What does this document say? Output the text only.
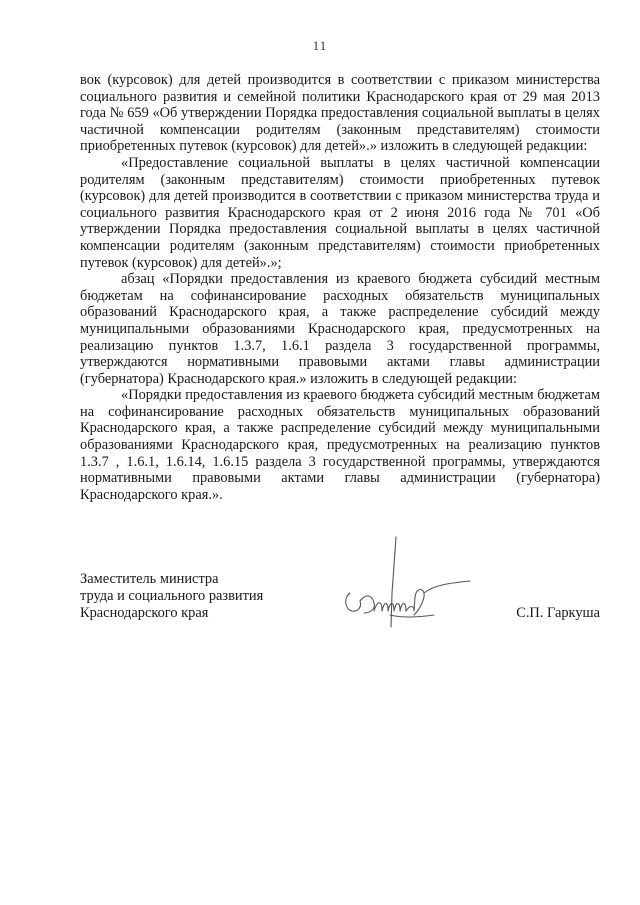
11

вок (курсовок) для детей производится в соответствии с приказом министерства социального развития и семейной политики Краснодарского края от 29 мая 2013 года № 659 «Об утверждении Порядка предоставления социальной выплаты в целях частичной компенсации родителям (законным представителям) стоимости приобретенных путевок (курсовок) для детей».» изложить в следующей редакции:

«Предоставление социальной выплаты в целях частичной компенсации родителям (законным представителям) стоимости приобретенных путевок (курсовок) для детей производится в соответствии с приказом министерства труда и социального развития Краснодарского края от 2 июня 2016 года № 701 «Об утверждении Порядка предоставления социальной выплаты в целях частичной компенсации родителям (законным представителям) стоимости приобретенных путевок (курсовок) для детей».»;

абзац «Порядки предоставления из краевого бюджета субсидий местным бюджетам на софинансирование расходных обязательств муниципальных образований Краснодарского края, а также распределение субсидий между муниципальными образованиями Краснодарского края, предусмотренных на реализацию пунктов 1.3.7, 1.6.1 раздела 3 государственной программы, утверждаются нормативными правовыми актами главы администрации (губернатора) Краснодарского края.» изложить в следующей редакции:

«Порядки предоставления из краевого бюджета субсидий местным бюджетам на софинансирование расходных обязательств муниципальных образований Краснодарского края, а также распределение субсидий между муниципальными образованиями Краснодарского края, предусмотренных на реализацию пунктов 1.3.7 , 1.6.1, 1.6.14, 1.6.15 раздела 3 государственной программы, утверждаются нормативными правовыми актами главы администрации (губернатора) Краснодарского края.».

Заместитель министра
труда и социального развития
Краснодарского края	С.П. Гаркуша
